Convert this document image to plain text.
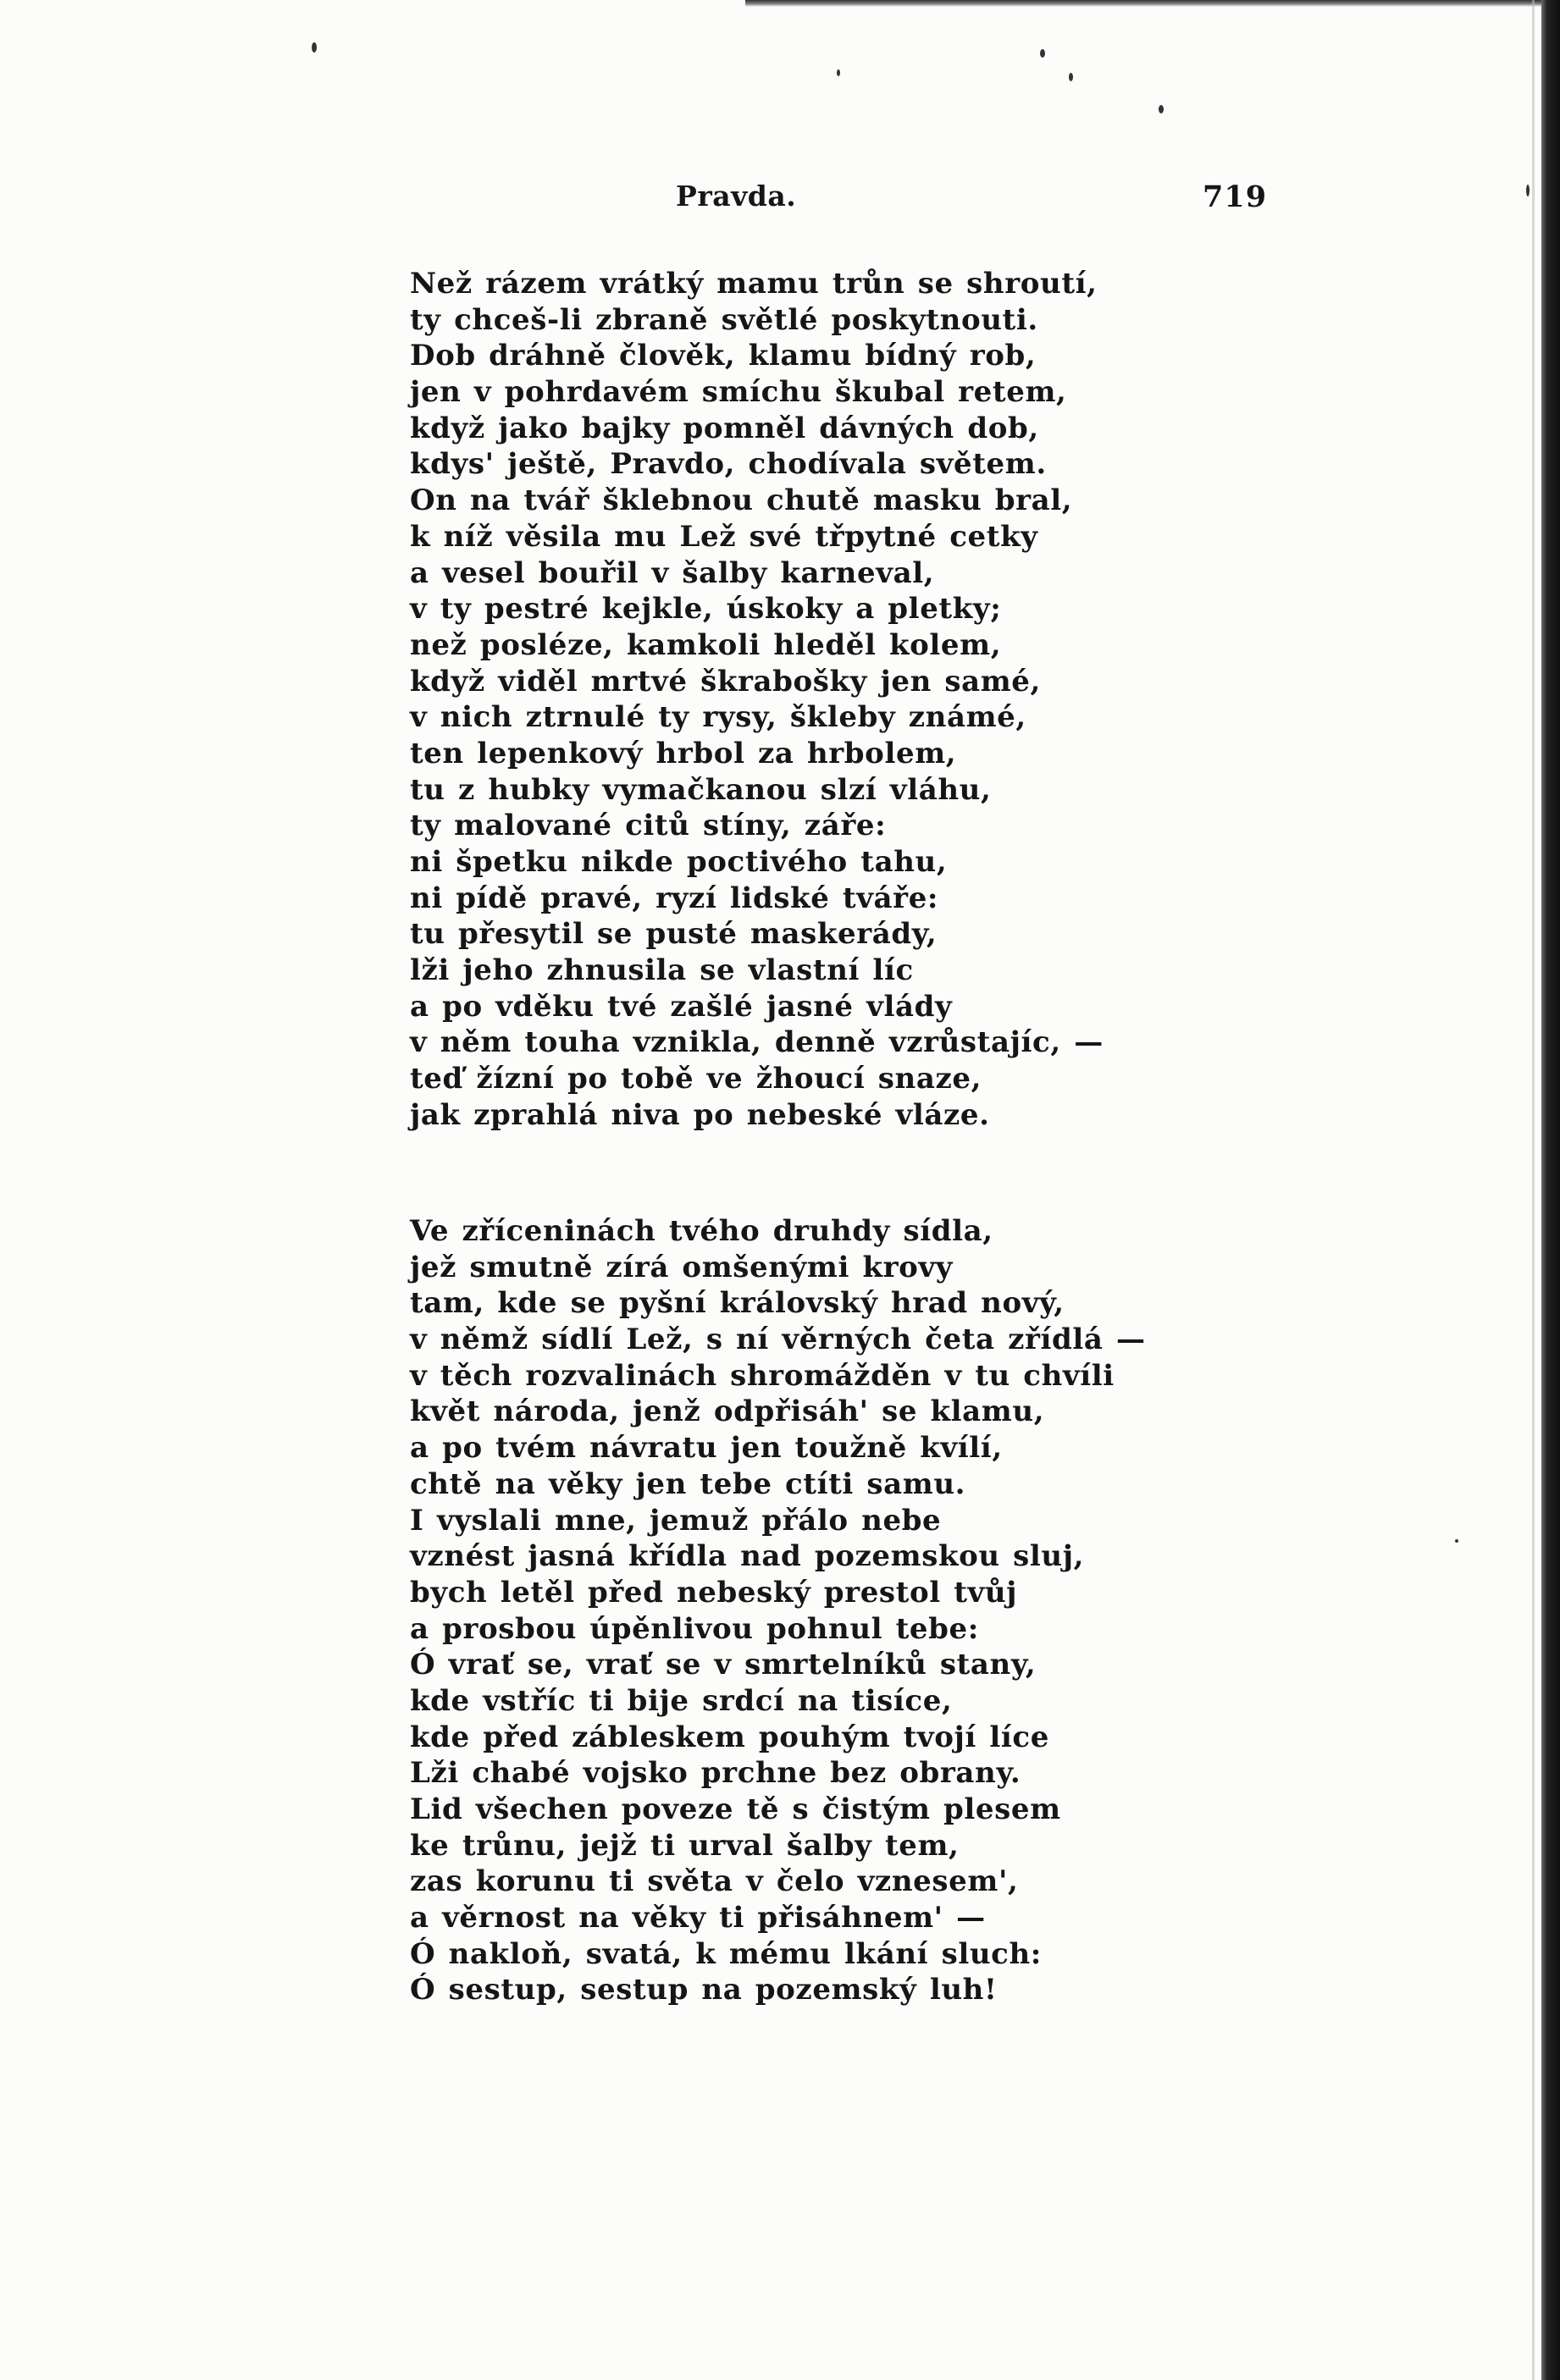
Pravda.	719
Než rázem vrátký mamu trůn se shroutí,
ty chceš-li zbraně světlé poskytnouti.
Dob dráhně člověk, klamu bídný rob,
jen v pohrdavém smíchu škubal retem,
když jako bajky pomněl dávných dob,
kdys' ještě, Pravdo, chodívala světem.
On na tvář šklebnou chutě masku bral,
k níž věsila mu Lež své třpytné cetky
a vesel bouřil v šalby karneval,
v ty pestré kejkle, úskoky a pletky;
než posléze, kamkoli hleděl kolem,
když viděl mrtvé škrabošky jen samé,
v nich ztrnulé ty rysy, škleby známé,
ten lepenkový hrbol za hrbolem,
tu z hubky vymačkanou slzí vláhu,
ty malované citů stíny, záře:
ni špetku nikde poctivého tahu,
ni pídě pravé, ryzí lidské tváře:
tu přesytil se pusté maskerády,
lži jeho zhnusila se vlastní líc
a po vděku tvé zašlé jasné vlády
v něm touha vznikla, denně vzrůstajíc, —
teď žízní po tobě ve žhoucí snaze,
jak zprahlá niva po nebeské vláze.
Ve zříceninách tvého druhdy sídla,
jež smutně zírá omšenými krovy
tam, kde se pyšní královský hrad nový,
v němž sídlí Lež, s ní věrných četa zřídlá —
v těch rozvalinách shromážděn v tu chvíli
květ národa, jenž odpřisáh' se klamu,
a po tvém návratu jen toužně kvílí,
chtě na věky jen tebe ctíti samu.
I vyslali mne, jemuž přálo nebe
vznést jasná křídla nad pozemskou sluj,
bych letěl před nebeský prestol tvůj
a prosbou úpěnlivou pohnul tebe:
Ó vrať se, vrať se v smrtelníků stany,
kde vstříc ti bije srdcí na tisíce,
kde před zábleskem pouhým tvojí líce
Lži chabé vojsko prchne bez obrany.
Lid všechen poveze tě s čistým plesem
ke trůnu, jejž ti urval šalby tem,
zas korunu ti světa v čelo vznesem',
a věrnost na věky ti přisáhnem' —
Ó nakloň, svatá, k mému lkání sluch:
Ó sestup, sestup na pozemský luh!
